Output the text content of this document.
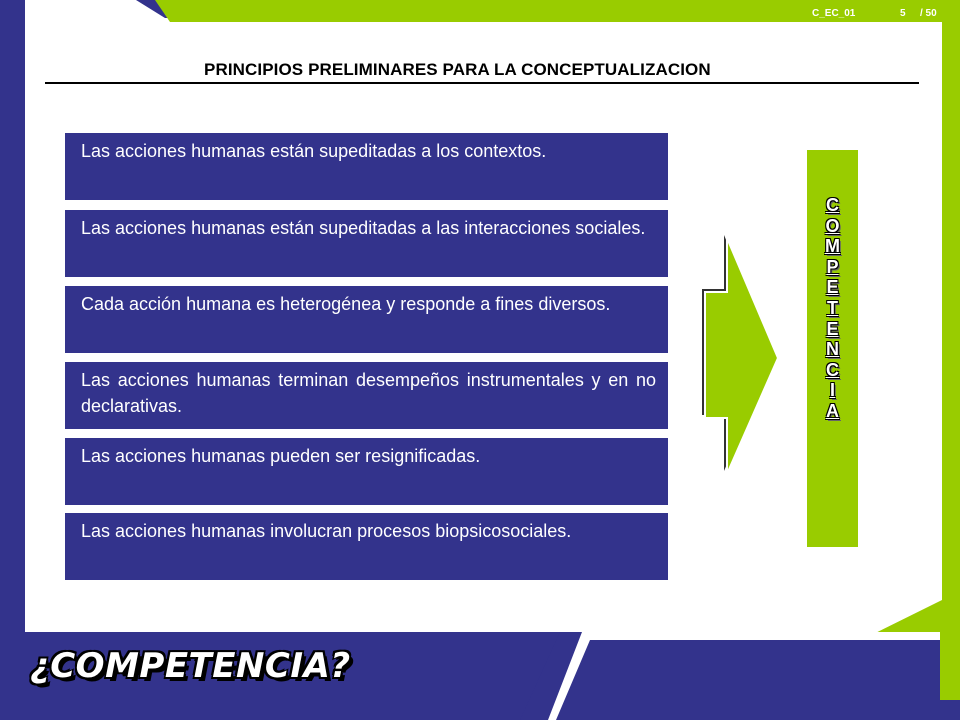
C_EC_01	5 / 50
PRINCIPIOS PRELIMINARES PARA LA CONCEPTUALIZACION

Las acciones humanas están supeditadas a los contextos.

Las acciones humanas están supeditadas a las interacciones sociales.

Cada acción humana es heterogénea y responde a fines diversos.

Las acciones humanas terminan desempeños instrumentales y en no declarativas.

Las acciones humanas pueden ser resignificadas.

Las acciones humanas involucran procesos biopsicosociales.

C
O
M
P
E
T
E
N
C
I
A
¿COMPETENCIA?
